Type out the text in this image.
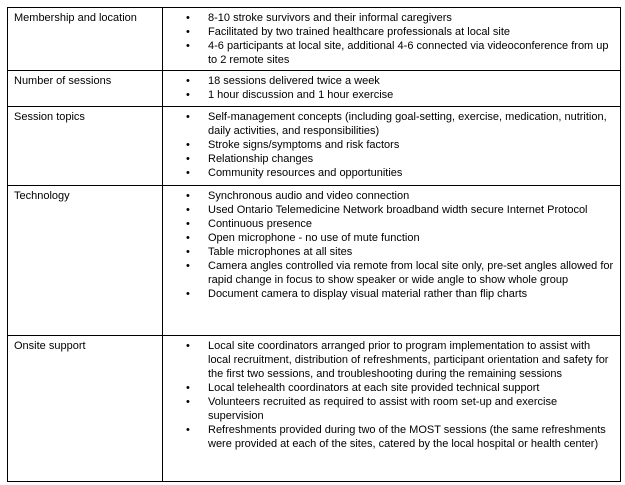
Membership and location	
•8-10 stroke survivors and their informal caregivers
• Facilitated by two trained healthcare professionals at local site
• 4-6 participants at local site, additional 4-6 connected via videoconference from up to 2 remote sites

Number of sessions	
•18 sessions delivered twice a week
• 1 hour discussion and 1 hour exercise

Session topics	
•Self-management concepts (including goal-setting, exercise, medication, nutrition, daily activities, and responsibilities)
• Stroke signs/symptoms and risk factors
• Relationship changes
• Community resources and opportunities

Technology	
•Synchronous audio and video connection
• Used Ontario Telemedicine Network broadband width secure Internet Protocol
• Continuous presence
• Open microphone - no use of mute function
• Table microphones at all sites
• Camera angles controlled via remote from local site only, pre-set angles allowed for rapid change in focus to show speaker or wide angle to show whole group
• Document camera to display visual material rather than flip charts

Onsite support	
•Local site coordinators arranged prior to program implementation to assist with local recruitment, distribution of refreshments, participant orientation and safety for the first two sessions, and troubleshooting during the remaining sessions
• Local telehealth coordinators at each site provided technical support
• Volunteers recruited as required to assist with room set-up and exercise supervision
• Refreshments provided during two of the MOST sessions (the same refreshments were provided at each of the sites, catered by the local hospital or health center)
